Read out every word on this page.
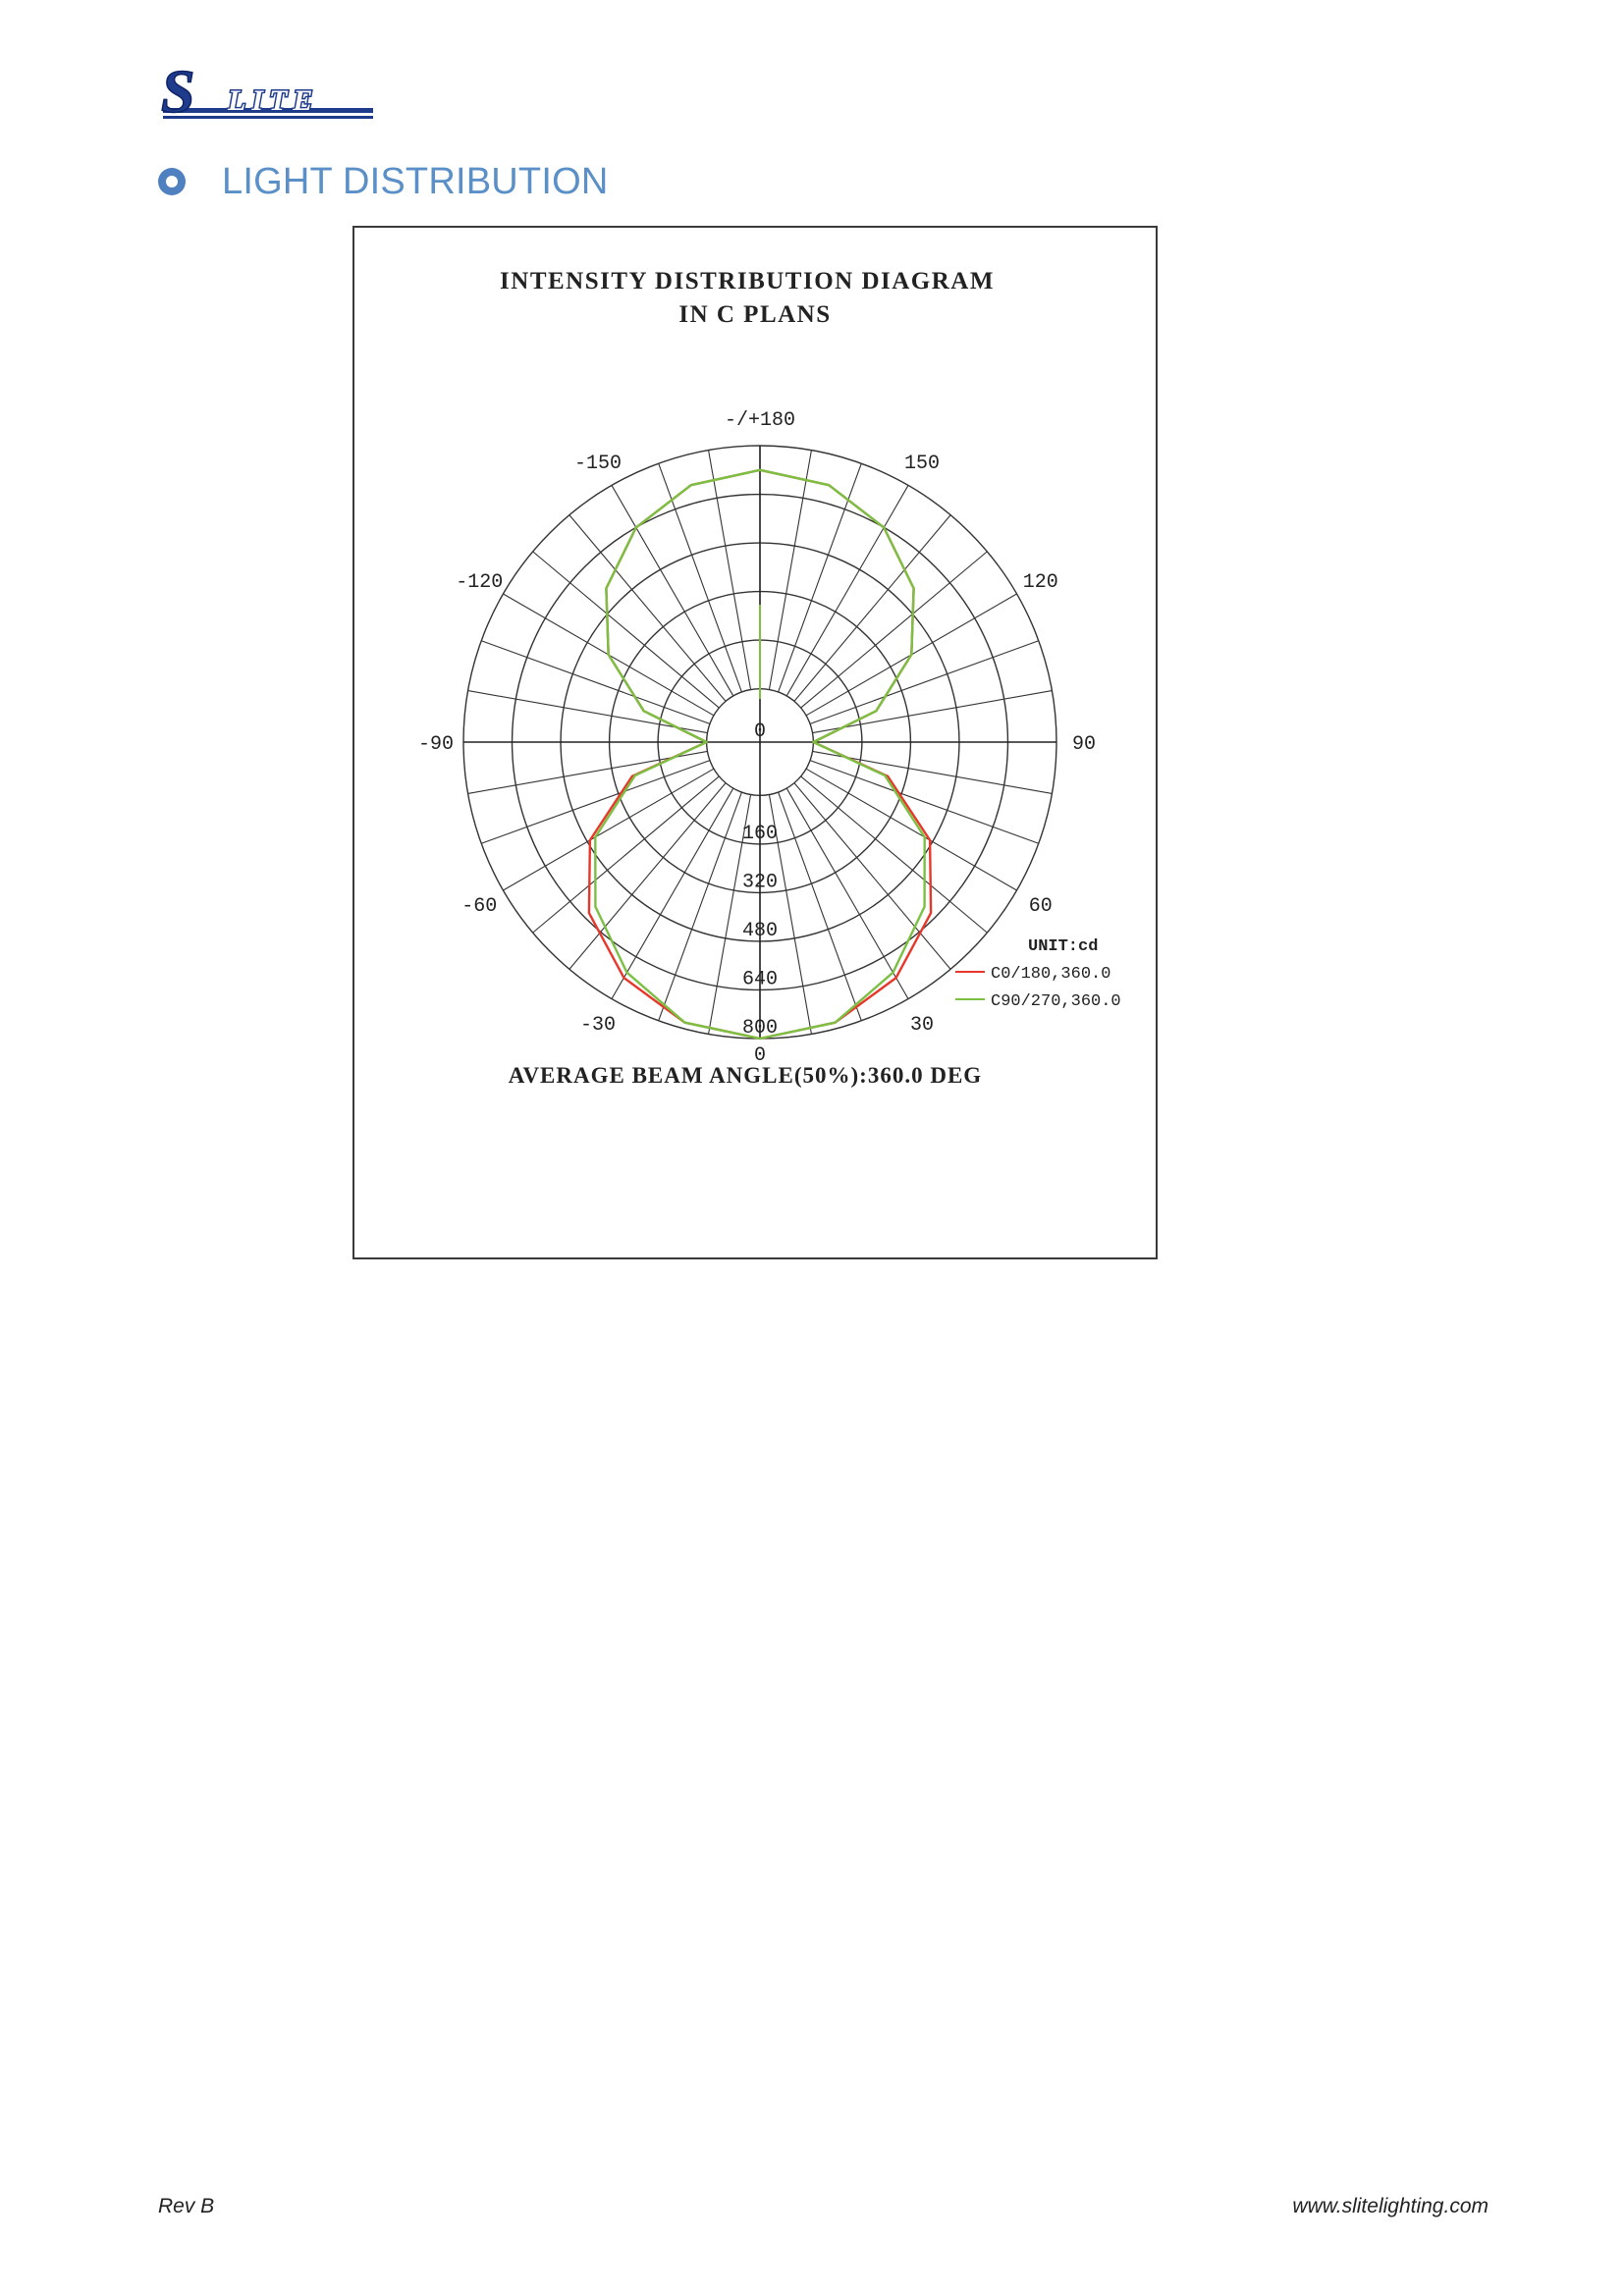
S LITE
LIGHT DISTRIBUTION
INTENSITY DISTRIBUTION DIAGRAM
IN C PLANS
-/+180
150
-150
120
-120
90
-90
60
-60
30
-30
0
160
320
480
640
800
0
UNIT:cd
C0/180,360.0
C90/270,360.0
AVERAGE BEAM ANGLE(50%):360.0 DEG
Rev B	www.slitelighting.com
